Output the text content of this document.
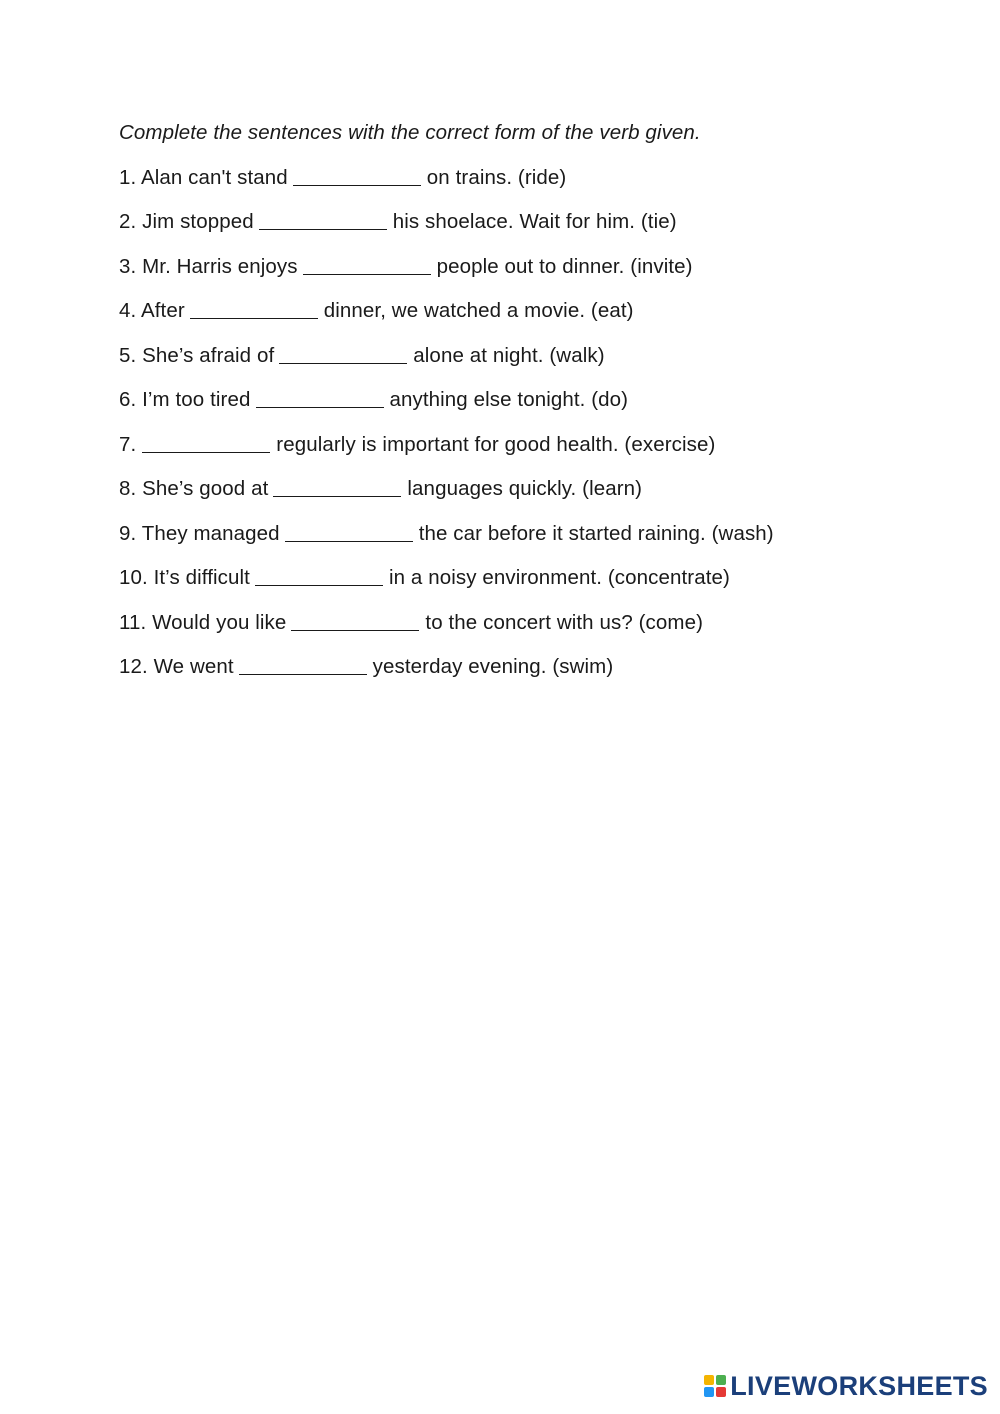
Complete the sentences with the correct form of the verb given.

1. Alan can't stand	on trains. (ride)
2. Jim stopped	his shoelace. Wait for him. (tie)
3. Mr. Harris enjoys	people out to dinner. (invite)
4. After	dinner, we watched a movie. (eat)
5. She’s afraid of	alone at night. (walk)
6. I’m too tired	anything else tonight. (do)
7.	regularly is important for good health. (exercise)
8. She’s good at	languages quickly. (learn)
9. They managed	the car before it started raining. (wash)
10. It’s difficult	in a noisy environment. (concentrate)
11. Would you like	to the concert with us? (come)
12. We went	yesterday evening. (swim)
LIVEWORKSHEETS
